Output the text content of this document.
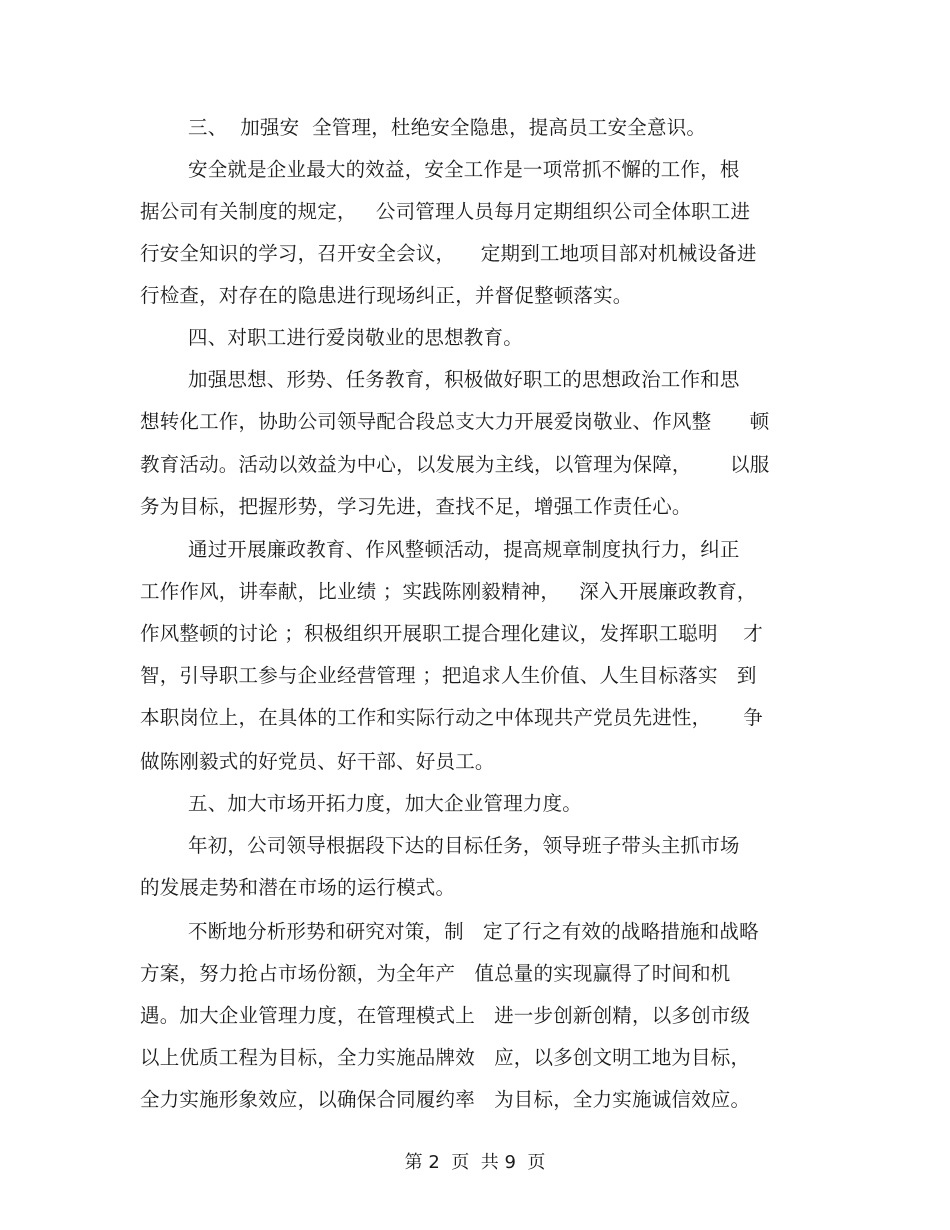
三、  加强安  全管理，杜绝安全隐患，提高员工安全意识。
安全就是企业最大的效益，安全工作是一项常抓不懈的工作，根
据公司有关制度的规定，   公司管理人员每月定期组织公司全体职工进
行安全知识的学习，召开安全会议，    定期到工地项目部对机械设备进
行检查，对存在的隐患进行现场纠正，并督促整顿落实。
四、对职工进行爱岗敬业的思想教育。
加强思想、形势、任务教育，积极做好职工的思想政治工作和思
想转化工作，协助公司领导配合段总支大力开展爱岗敬业、作风整      顿
教育活动。活动以效益为中心，以发展为主线，以管理为保障，      以服
务为目标，把握形势，学习先进，查找不足，增强工作责任心。
通过开展廉政教育、作风整顿活动，提高规章制度执行力，纠正
工作作风，讲奉献，比业绩 ；实践陈刚毅精神，   深入开展廉政教育，
作风整顿的讨论 ；积极组织开展职工提合理化建议，发挥职工聪明    才
智，引导职工参与企业经营管理 ；把追求人生价值、人生目标落实   到
本职岗位上，在具体的工作和实际行动之中体现共产党员先进性，     争
做陈刚毅式的好党员、好干部、好员工。
五、加大市场开拓力度，加大企业管理力度。
年初，公司领导根据段下达的目标任务，领导班子带头主抓市场
的发展走势和潜在市场的运行模式。
不断地分析形势和研究对策，制   定了行之有效的战略措施和战略
方案，努力抢占市场份额，为全年产   值总量的实现赢得了时间和机
遇。加大企业管理力度，在管理模式上   进一步创新创精，以多创市级
以上优质工程为目标，全力实施品牌效   应，以多创文明工地为目标，
全力实施形象效应，以确保合同履约率   为目标，全力实施诚信效应。
第 2  页  共 9  页
